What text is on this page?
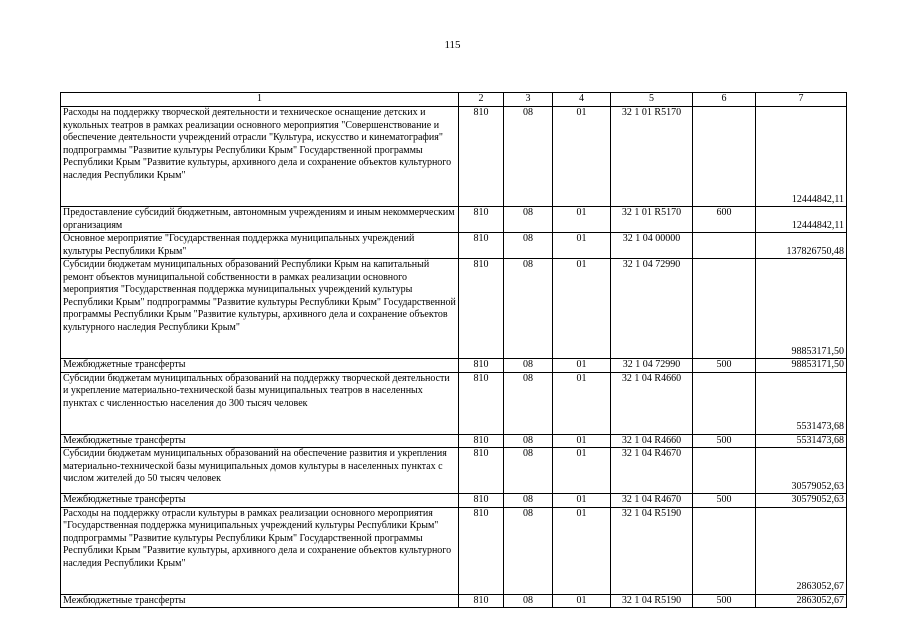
115
1	2	3	4	5	6	7
Расходы на поддержку творческой деятельности и техническое оснащение детских и кукольных театров в рамках реализации основного мероприятия "Совершенствование и обеспечение деятельности учреждений отрасли "Культура, искусство и кинематография" подпрограммы "Развитие культуры Республики Крым" Государственной программы Республики Крым "Развитие культуры, архивного дела и сохранение объектов культурного наследия Республики Крым"	810	08	01	32 1 01 R5170		12444842,11
Предоставление субсидий бюджетным, автономным учреждениям и иным некоммерческим организациям	810	08	01	32 1 01 R5170	600	12444842,11
Основное мероприятие "Государственная поддержка муниципальных учреждений культуры Республики Крым"	810	08	01	32 1 04 00000		137826750,48
Субсидии бюджетам муниципальных образований Республики Крым на капитальный ремонт объектов муниципальной собственности в рамках реализации основного мероприятия "Государственная поддержка муниципальных учреждений культуры Республики Крым" подпрограммы "Развитие культуры Республики Крым" Государственной программы Республики Крым "Развитие культуры, архивного дела и сохранение объектов культурного наследия Республики Крым"	810	08	01	32 1 04 72990		98853171,50
Межбюджетные трансферты	810	08	01	32 1 04 72990	500	98853171,50
Субсидии бюджетам муниципальных образований на поддержку творческой деятельности и укрепление материально-технической базы муниципальных театров в населенных пунктах с численностью населения до 300 тысяч человек	810	08	01	32 1 04 R4660		5531473,68
Межбюджетные трансферты	810	08	01	32 1 04 R4660	500	5531473,68
Субсидии бюджетам муниципальных образований на обеспечение развития и укрепления материально-технической базы муниципальных домов культуры в населенных пунктах с числом жителей до 50 тысяч человек	810	08	01	32 1 04 R4670		30579052,63
Межбюджетные трансферты	810	08	01	32 1 04 R4670	500	30579052,63
Расходы на поддержку отрасли культуры в рамках реализации основного мероприятия "Государственная поддержка муниципальных учреждений культуры Республики Крым" подпрограммы "Развитие культуры Республики Крым" Государственной программы Республики Крым "Развитие культуры, архивного дела и сохранение объектов культурного наследия Республики Крым"	810	08	01	32 1 04 R5190		2863052,67
Межбюджетные трансферты	810	08	01	32 1 04 R5190	500	2863052,67
